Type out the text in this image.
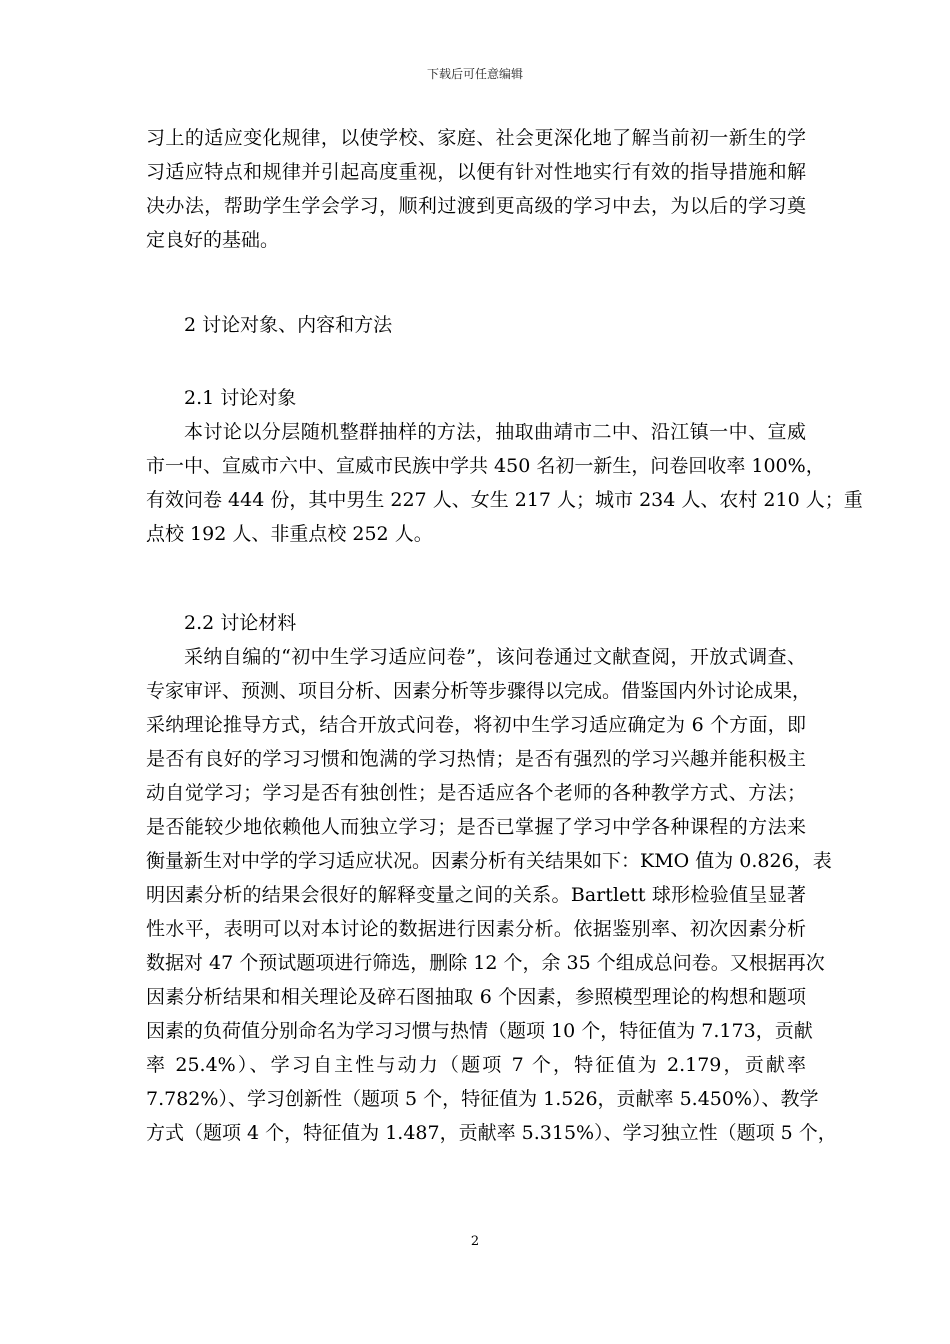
下载后可任意编辑
习上的适应变化规律，以使学校、家庭、社会更深化地了解当前初一新生的学
习适应特点和规律并引起高度重视，以便有针对性地实行有效的指导措施和解
决办法，帮助学生学会学习，顺利过渡到更高级的学习中去，为以后的学习奠
定良好的基础。
2 讨论对象、内容和方法
2.1 讨论对象
本讨论以分层随机整群抽样的方法，抽取曲靖市二中、沿江镇一中、宣威
市一中、宣威市六中、宣威市民族中学共 450 名初一新生，问卷回收率 100%，
有效问卷 444 份，其中男生 227 人、女生 217 人；城市 234 人、农村 210 人；重
点校 192 人、非重点校 252 人。
2.2 讨论材料
采纳自编的“初中生学习适应问卷”，该问卷通过文献查阅，开放式调查、
专家审评、预测、项目分析、因素分析等步骤得以完成。借鉴国内外讨论成果，
采纳理论推导方式，结合开放式问卷，将初中生学习适应确定为 6 个方面，即
是否有良好的学习习惯和饱满的学习热情；是否有强烈的学习兴趣并能积极主
动自觉学习；学习是否有独创性；是否适应各个老师的各种教学方式、方法；
是否能较少地依赖他人而独立学习；是否已掌握了学习中学各种课程的方法来
衡量新生对中学的学习适应状况。因素分析有关结果如下：KMO 值为 0.826，表
明因素分析的结果会很好的解释变量之间的关系。Bartlett 球形检验值呈显著
性水平，表明可以对本讨论的数据进行因素分析。依据鉴别率、初次因素分析
数据对 47 个预试题项进行筛选，删除 12 个，余 35 个组成总问卷。又根据再次
因素分析结果和相关理论及碎石图抽取 6 个因素，参照模型理论的构想和题项
因素的负荷值分别命名为学习习惯与热情（题项 10 个，特征值为 7.173，贡献
率 25.4%）、学习自主性与动力（题项 7 个，特征值为 2.179，贡献率
7.782%）、学习创新性（题项 5 个，特征值为 1.526，贡献率 5.450%）、教学
方式（题项 4 个，特征值为 1.487，贡献率 5.315%）、学习独立性（题项 5 个，
2
